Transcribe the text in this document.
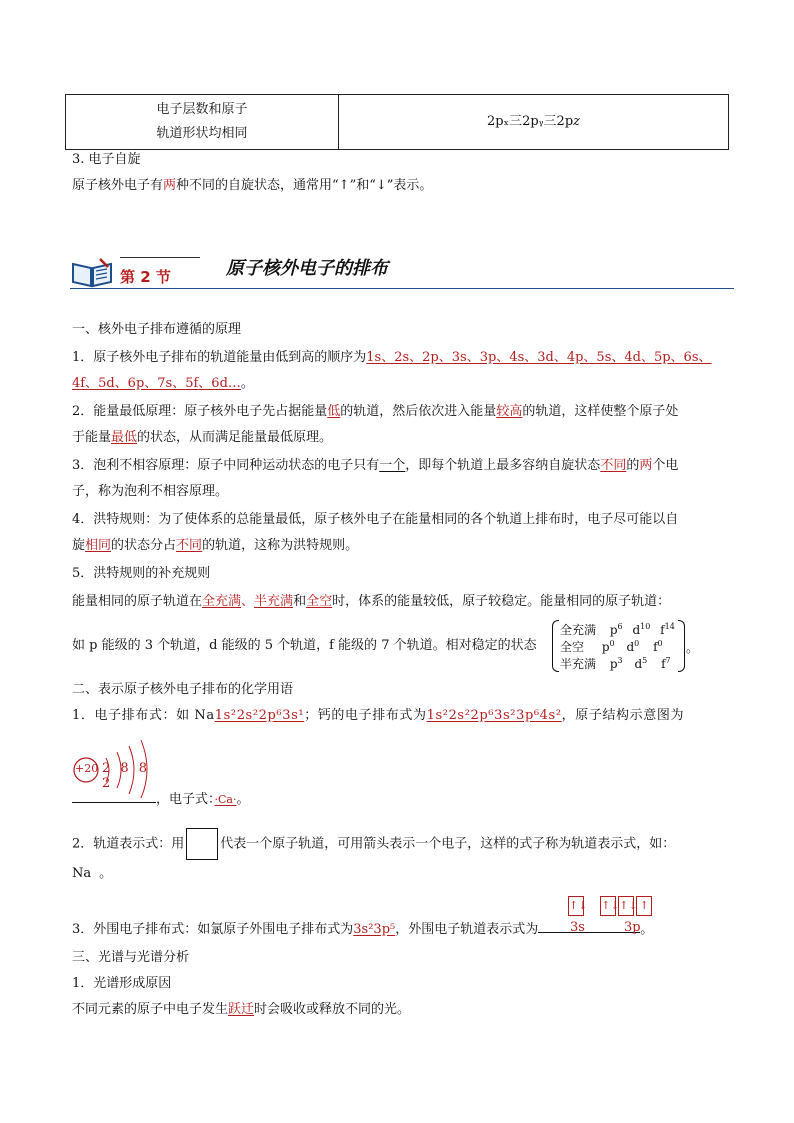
电子层数和原子
轨道形状均相同
	2pₓ三2pᵧ三2p𝑧
3. 电子自旋
原子核外电子有两种不同的自旋状态，通常用“↑”和“↓”表示。
第 2 节	原子核外电子的排布
一、核外电子排布遵循的原理
1．原子核外电子排布的轨道能量由低到高的顺序为1s、2s、2p、3s、3p、4s、3d、4p、5s、4d、5p、6s、
4f、5d、6p、7s、5f、6d…。
2．能量最低原理：原子核外电子先占据能量低的轨道，然后依次进入能量较高的轨道，这样使整个原子处
于能量最低的状态，从而满足能量最低原理。
3．泡利不相容原理：原子中同种运动状态的电子只有一个，即每个轨道上最多容纳自旋状态不同的两个电
子，称为泡利不相容原理。
4．洪特规则：为了使体系的总能量最低，原子核外电子在能量相同的各个轨道上排布时，电子尽可能以自
旋相同的状态分占不同的轨道，这称为洪特规则。
5．洪特规则的补充规则
能量相同的原子轨道在全充满、半充满和全空时，体系的能量较低，原子较稳定。能量相同的原子轨道：
如 p 能级的 3 个轨道，d 能级的 5 个轨道，f 能级的 7 个轨道。相对稳定的状态
全充满 $p^6$ $d^{10}$ $f^{14}$
全空 $p^0$ $d^0$ $f^0$
半充满 $p^3$ $d^5$ $f^7$
。
二、表示原子核外电子排布的化学用语
1．电子排布式：如 Na1s²2s²2p⁶3s¹；钙的电子排布式为1s²2s²2p⁶3s²3p⁶4s²，原子结构示意图为
+20 2 8 8 2
，电子式：·Ca·。
2．轨道表示式：用	代表一个原子轨道，可用箭头表示一个电子，这样的式子称为轨道表示式，如：
Na 。
3．外围电子排布式：如氯原子外围电子排布式为3s²3p⁵，外围电子轨道表示式为	。
↑↓ ↑↓↑↓ ↑
3s	3p
三、光谱与光谱分析
1．光谱形成原因
不同元素的原子中电子发生跃迁时会吸收或释放不同的光。
